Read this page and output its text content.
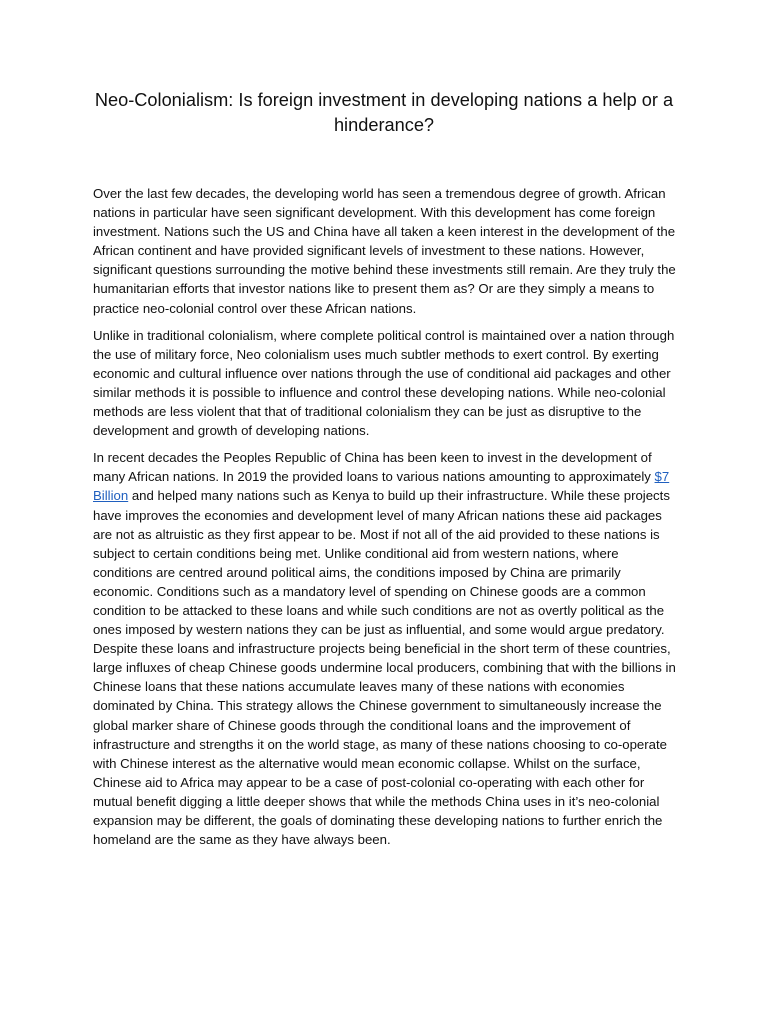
Neo-Colonialism: Is foreign investment in developing nations a help or a hinderance?

Over the last few decades, the developing world has seen a tremendous degree of growth. African nations in particular have seen significant development. With this development has come foreign investment. Nations such the US and China have all taken a keen interest in the development of the African continent and have provided significant levels of investment to these nations. However, significant questions surrounding the motive behind these investments still remain. Are they truly the humanitarian efforts that investor nations like to present them as? Or are they simply a means to practice neo-colonial control over these African nations.

Unlike in traditional colonialism, where complete political control is maintained over a nation through the use of military force, Neo colonialism uses much subtler methods to exert control. By exerting economic and cultural influence over nations through the use of conditional aid packages and other similar methods it is possible to influence and control these developing nations. While neo-colonial methods are less violent that that of traditional colonialism they can be just as disruptive to the development and growth of developing nations.

In recent decades the Peoples Republic of China has been keen to invest in the development of many African nations. In 2019 the provided loans to various nations amounting to approximately $7 Billion and helped many nations such as Kenya to build up their infrastructure. While these projects have improves the economies and development level of many African nations these aid packages are not as altruistic as they first appear to be. Most if not all of the aid provided to these nations is subject to certain conditions being met. Unlike conditional aid from western nations, where conditions are centred around political aims, the conditions imposed by China are primarily economic. Conditions such as a mandatory level of spending on Chinese goods are a common condition to be attacked to these loans and while such conditions are not as overtly political as the ones imposed by western nations they can be just as influential, and some would argue predatory. Despite these loans and infrastructure projects being beneficial in the short term of these countries, large influxes of cheap Chinese goods undermine local producers, combining that with the billions in Chinese loans that these nations accumulate leaves many of these nations with economies dominated by China. This strategy allows the Chinese government to simultaneously increase the global marker share of Chinese goods through the conditional loans and the improvement of infrastructure and strengths it on the world stage, as many of these nations choosing to co-operate with Chinese interest as the alternative would mean economic collapse. Whilst on the surface, Chinese aid to Africa may appear to be a case of post-colonial co-operating with each other for mutual benefit digging a little deeper shows that while the methods China uses in it’s neo-colonial expansion may be different, the goals of dominating these developing nations to further enrich the homeland are the same as they have always been.
